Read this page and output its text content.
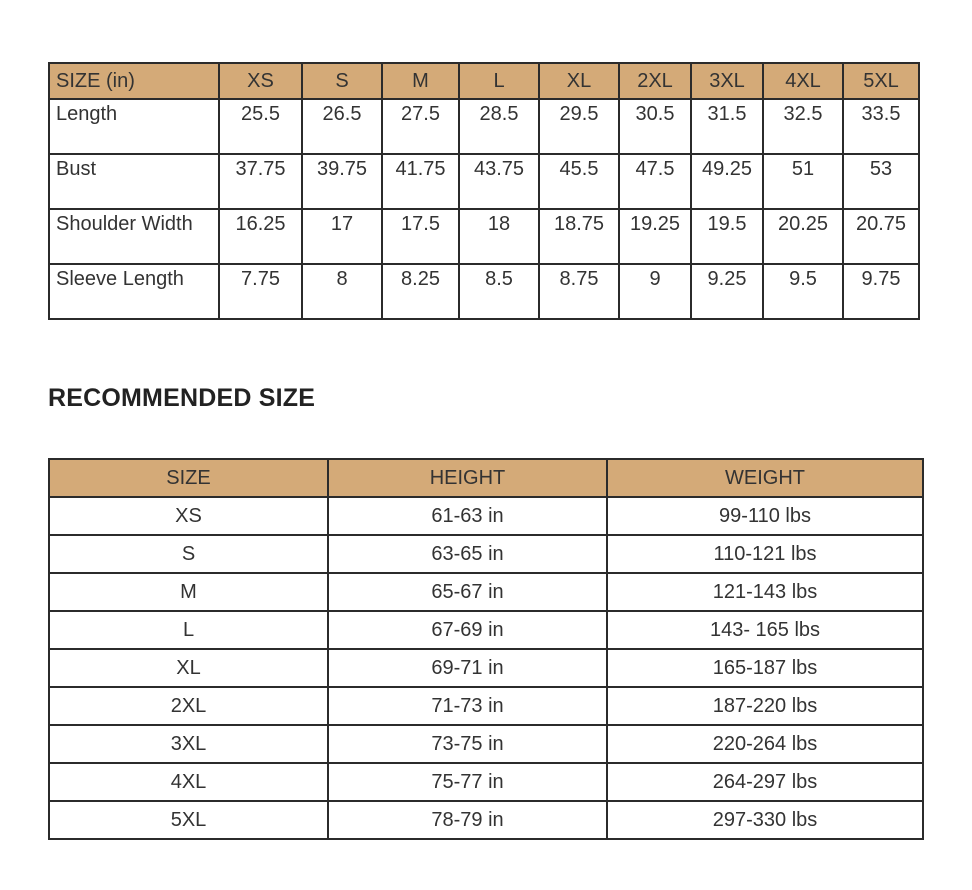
SIZE (in)	XS	S	M	L	XL	2XL	3XL	4XL	5XL
Length	25.5	26.5	27.5	28.5	29.5	30.5	31.5	32.5	33.5
Bust	37.75	39.75	41.75	43.75	45.5	47.5	49.25	51	53
Shoulder Width	16.25	17	17.5	18	18.75	19.25	19.5	20.25	20.75
Sleeve Length	7.75	8	8.25	8.5	8.75	9	9.25	9.5	9.75
RECOMMENDED SIZE
SIZE	HEIGHT	WEIGHT
XS	61-63 in	99-110 lbs
S	63-65 in	110-121 lbs
M	65-67 in	121-143 lbs
L	67-69 in	143- 165 lbs
XL	69-71 in	165-187 lbs
2XL	71-73 in	187-220 lbs
3XL	73-75 in	220-264 lbs
4XL	75-77 in	264-297 lbs
5XL	78-79 in	297-330 lbs
